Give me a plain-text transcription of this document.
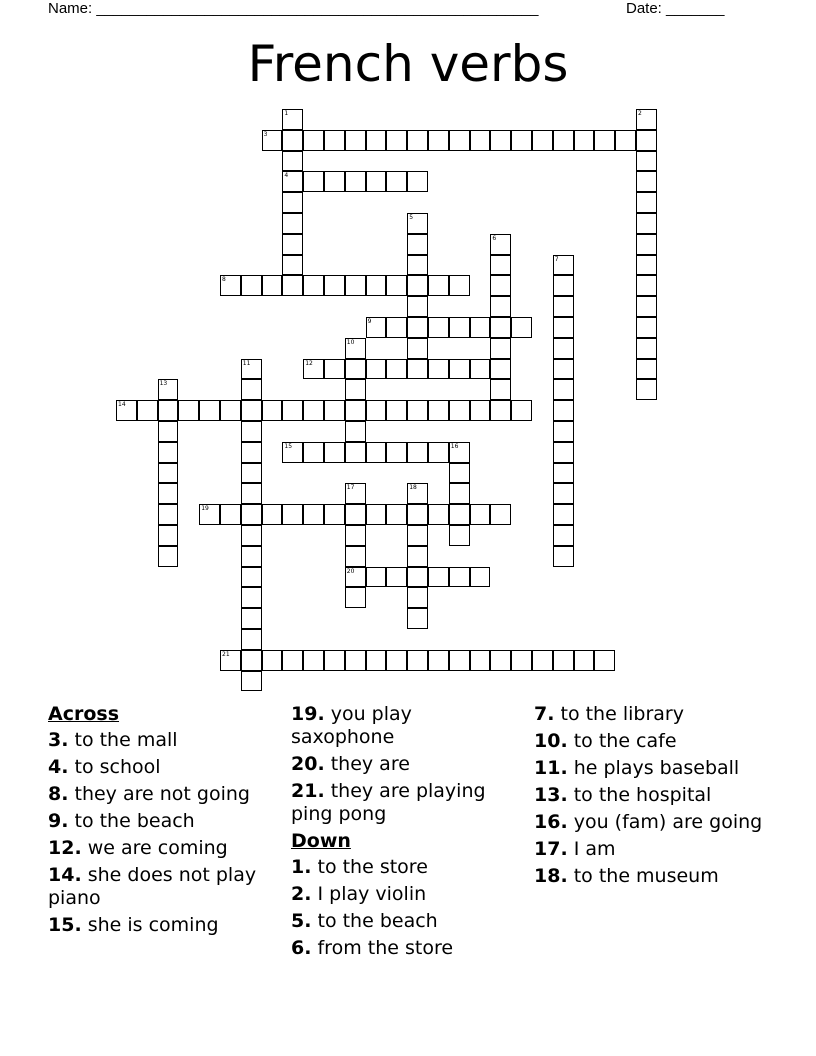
Name: _____________________________________________________	Date: _______
French verbs
1
4
2
3
5
6
7
8
9
10
11	12
13
14
15	16
17
20
18
19
21
Across
3. to the mall
4. to school
8. they are not going
9. to the beach
12. we are coming
14. she does not play piano
15. she is coming
19. you play saxophone
20. they are
21. they are playing ping pong
Down
1. to the store
2. I play violin
5. to the beach
6. from the store
7. to the library
10. to the cafe
11. he plays baseball
13. to the hospital
16. you (fam) are going
17. I am
18. to the museum
